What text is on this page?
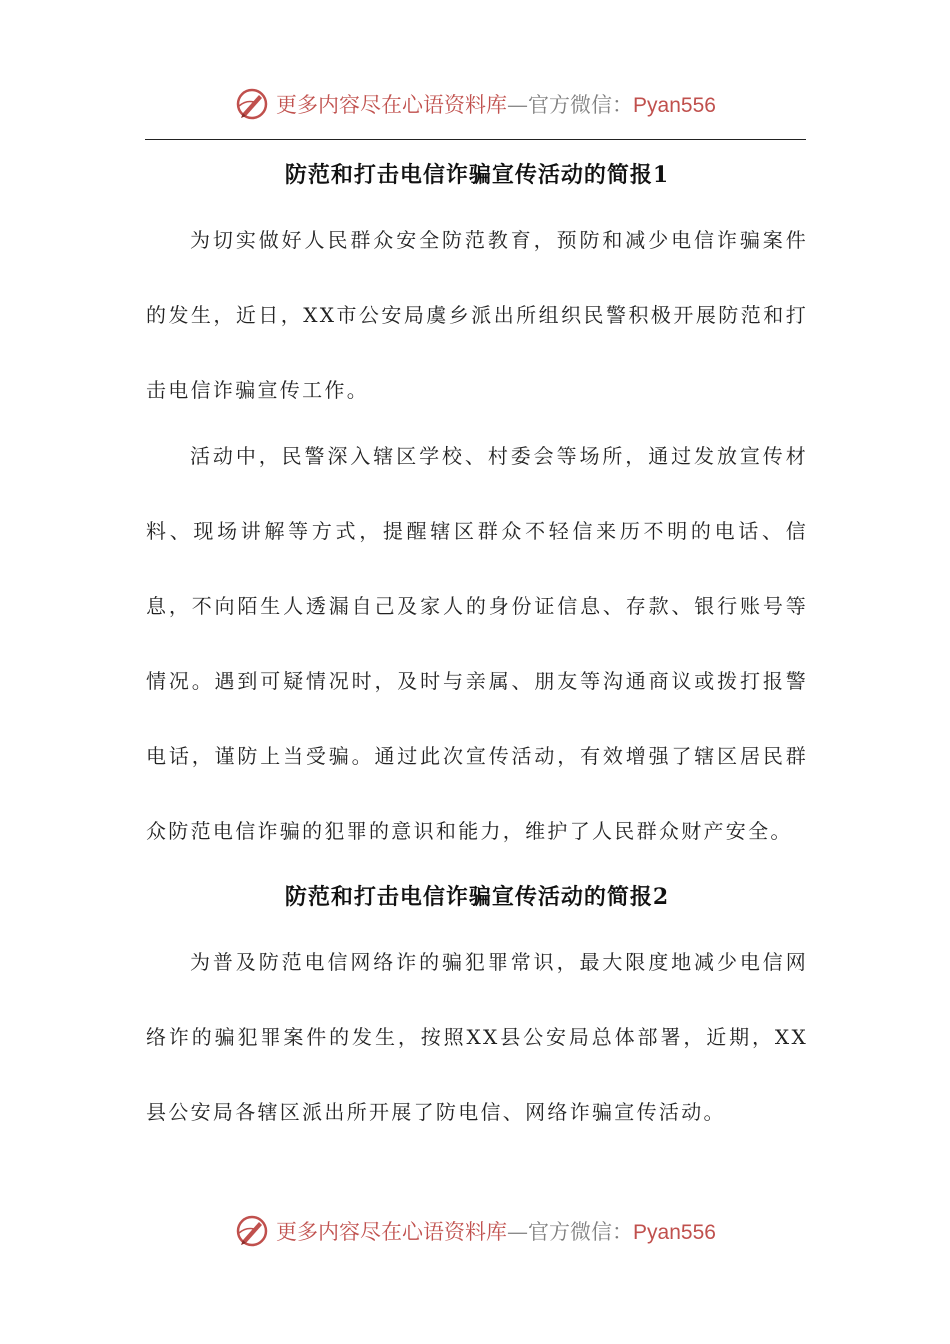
更多内容尽在心语资料库—官方微信：Pyan556
防范和打击电信诈骗宣传活动的简报1

为切实做好人民群众安全防范教育，预防和减少电信诈骗案件的发生，近日，XX市公安局虞乡派出所组织民警积极开展防范和打击电信诈骗宣传工作。

活动中，民警深入辖区学校、村委会等场所，通过发放宣传材料、现场讲解等方式，提醒辖区群众不轻信来历不明的电话、信息，不向陌生人透漏自己及家人的身份证信息、存款、银行账号等情况。遇到可疑情况时，及时与亲属、朋友等沟通商议或拨打报警电话，谨防上当受骗。通过此次宣传活动，有效增强了辖区居民群众防范电信诈骗的犯罪的意识和能力，维护了人民群众财产安全。

防范和打击电信诈骗宣传活动的简报2

为普及防范电信网络诈的骗犯罪常识，最大限度地减少电信网络诈的骗犯罪案件的发生，按照XX县公安局总体部署，近期，XX县公安局各辖区派出所开展了防电信、网络诈骗宣传活动。

更多内容尽在心语资料库—官方微信：Pyan556
